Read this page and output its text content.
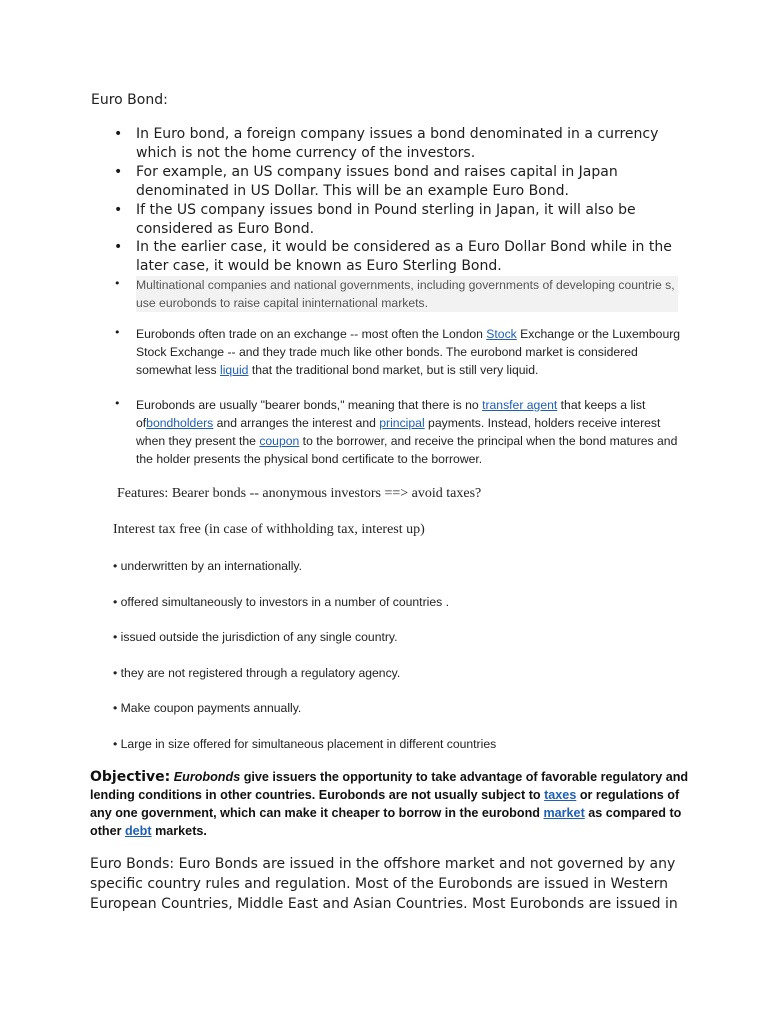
Euro Bond:
• In Euro bond, a foreign company issues a bond denominated in a currency which is not the home currency of the investors.
• For example, an US company issues bond and raises capital in Japan denominated in US Dollar. This will be an example Euro Bond.
• If the US company issues bond in Pound sterling in Japan, it will also be considered as Euro Bond.
• In the earlier case, it would be considered as a Euro Dollar Bond while in the later case, it would be known as Euro Sterling Bond.
• Multinational companies and national governments, including governments of developing countrie s, use eurobonds to raise capital ininternational markets.
• Eurobonds often trade on an exchange -- most often the London Stock Exchange or the Luxembourg Stock Exchange -- and they trade much like other bonds. The eurobond market is considered somewhat less liquid that the traditional bond market, but is still very liquid.
• Eurobonds are usually "bearer bonds," meaning that there is no transfer agent that keeps a list ofbondholders and arranges the interest and principal payments. Instead, holders receive interest when they present the coupon to the borrower, and receive the principal when the bond matures and the holder presents the physical bond certificate to the borrower.
Features: Bearer bonds -- anonymous investors ==> avoid taxes?
Interest tax free (in case of withholding tax, interest up)
• underwritten by an internationally.
• offered simultaneously to investors in a number of countries .
• issued outside the jurisdiction of any single country.
• they are not registered through a regulatory agency.
• Make coupon payments annually.
• Large in size offered for simultaneous placement in different countries
Objective: Eurobonds give issuers the opportunity to take advantage of favorable regulatory and lending conditions in other countries. Eurobonds are not usually subject to taxes or regulations of any one government, which can make it cheaper to borrow in the eurobond market as compared to other debt markets.
Euro Bonds: Euro Bonds are issued in the offshore market and not governed by any specific country rules and regulation. Most of the Eurobonds are issued in Western European Countries, Middle East and Asian Countries. Most Eurobonds are issued in
